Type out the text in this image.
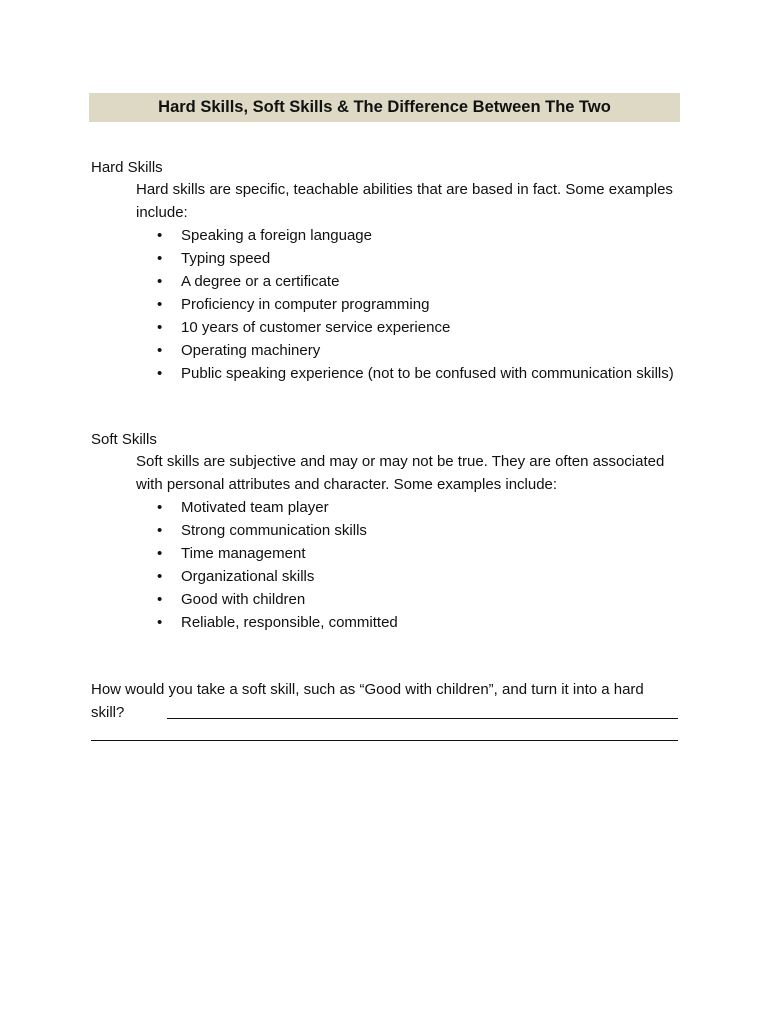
Hard Skills, Soft Skills & The Difference Between The Two
Hard Skills

Hard skills are specific, teachable abilities that are based in fact. Some examples include:

• Speaking a foreign language
• Typing speed
• A degree or a certificate
• Proficiency in computer programming
• 10 years of customer service experience
• Operating machinery
• Public speaking experience (not to be confused with communication skills)
Soft Skills

Soft skills are subjective and may or may not be true. They are often associated with personal attributes and character. Some examples include:

• Motivated team player
• Strong communication skills
• Time management
• Organizational skills
• Good with children
• Reliable, responsible, committed

How would you take a soft skill, such as “Good with children”, and turn it into a hard skill?
